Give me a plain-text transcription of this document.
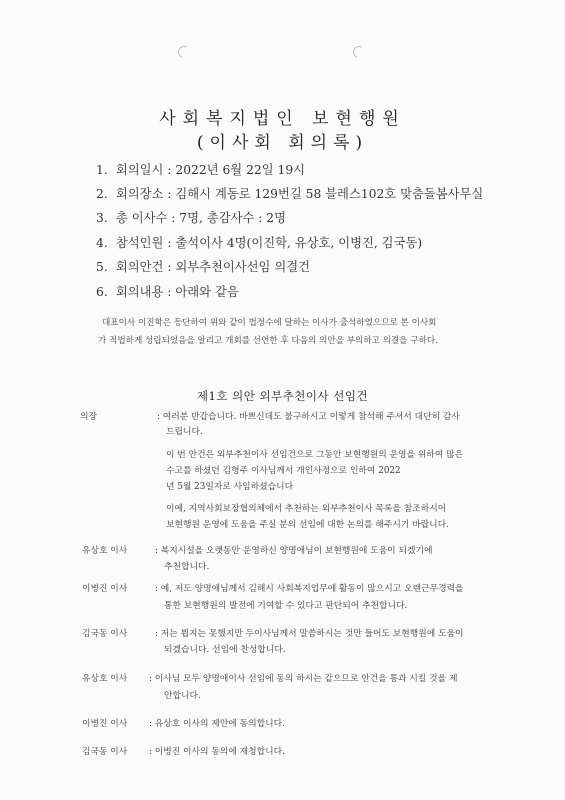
사회복지법인 보현행원
(이사회 회의록)
1. 회의일시 : 2022년 6월 22일 19시
2. 회의장소 : 김해시 계동로 129번길 58 블레스102호 맞춤돌봄사무실
3. 총 이사수 : 7명, 총감사수 : 2명
4. 참석인원 : 출석이사 4명(이진학, 유상호, 이병진, 김국동)
5. 회의안건 : 외부추천이사선임 의결건
6. 회의내용 : 아래와 같음
대표이사 이진학은 등단하여 위와 같이 법정수에 달하는 이사가 출석하였으므로 본 이사회
가 적법하게 성립되었음을 알리고 개회를 선언한 후 다음의 의안을 부의하고 의결을 구하다.
제1호 의안 외부추천이사 선임건
의장	: 여러분 반갑습니다. 바쁘신데도 불구하시고 이렇게 참석해 주셔서 대단히 감사
드립니다.
이 번 안건은 외부추천이사 선임건으로 그동안 보현행원의 운영을 위하여 많은
수고를 하셨던 김형주 이사님께서 개인사정으로 인하여 2022
년 5월 23일자로 사임하셨습니다
이에, 지역사회보장협의체에서 추천하는 외부추천이사 목록을 참조하시어
보현행원 운영에 도움을 주실 분의 선임에 대한 논의를 해주시기 바랍니다.
유상호 이사	: 복지시설을 오랫동안 운영하신 양명애님이 보현행원에 도움이 되겠기에
추천합니다.
이병진 이사	: 예, 저도 양명애님께서 김해시 사회복지업무에 활동이 많으시고 오랜근무경력을
통한 보현행원의 발전에 기여할 수 있다고 판단되어 추천합니다.
김국동 이사	: 저는 뵙지는 못했지만 두이사님께서 말씀하시는 것만 들어도 보현행원에 도움이
되겠습니다. 선임에 찬성합니다.
유상호 이사 : 이사님 모두 양명애이사 선임에 동의 하시는 같으므로 안건을 통과 시킬 것을 제
안합니다.
이병진 이사 : 유상호 이사의 제안에 동의합니다.
김국동 이사 : 이병진 이사의 동의에 재청합니다.
